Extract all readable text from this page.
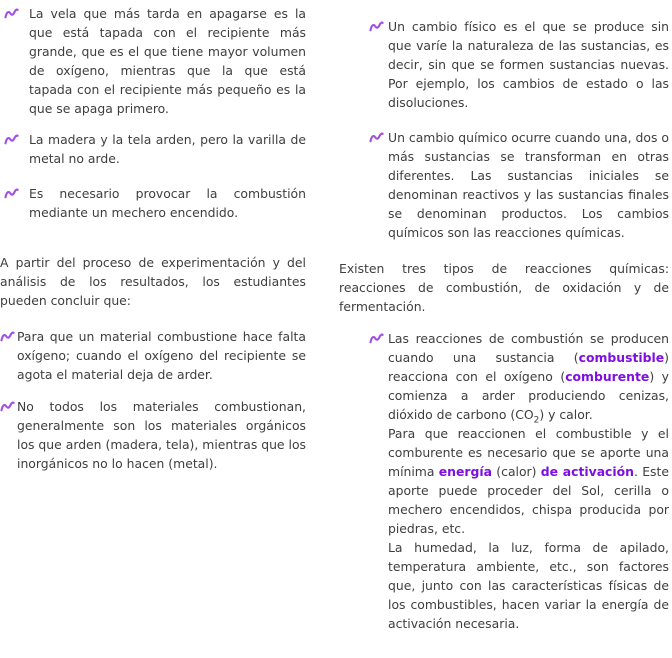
La vela que más tarda en apagarse es la que está tapada con el recipiente más grande, que es el que tiene mayor volumen de oxígeno, mientras que la que está tapada con el recipiente más pequeño es la que se apaga primero.
La madera y la tela arden, pero la varilla de metal no arde.
Es necesario provocar la combustión mediante un mechero encendido.

A partir del proceso de experimentación y del análisis de los resultados, los estudiantes pueden concluir que:

Para que un material combustione hace falta oxígeno; cuando el oxígeno del recipiente se agota el material deja de arder.
No todos los materiales combustionan, generalmente son los materiales orgánicos los que arden (madera, tela), mientras que los inorgánicos no lo hacen (metal).
Un cambio físico es el que se produce sin que varíe la naturaleza de las sustancias, es decir, sin que se formen sustancias nuevas. Por ejemplo, los cambios de estado o las disoluciones.
Un cambio químico ocurre cuando una, dos o más sustancias se transforman en otras diferentes. Las sustancias iniciales se denominan reactivos y las sustancias finales se denominan productos. Los cambios químicos son las reacciones químicas.

Existen tres tipos de reacciones químicas: reacciones de combustión, de oxidación y de fermentación.

Las reacciones de combustión se producen cuando una sustancia (combustible) reacciona con el oxígeno (comburente) y comienza a arder produciendo cenizas, dióxido de carbono $(CO_2)$ y calor.
Para que reaccionen el combustible y el comburente es necesario que se aporte una mínima energía (calor) de activación. Este aporte puede proceder del Sol, cerilla o mechero encendidos, chispa producida por piedras, etc.
La humedad, la luz, forma de apilado, temperatura ambiente, etc., son factores que, junto con las características físicas de los combustibles, hacen variar la energía de activación necesaria.
